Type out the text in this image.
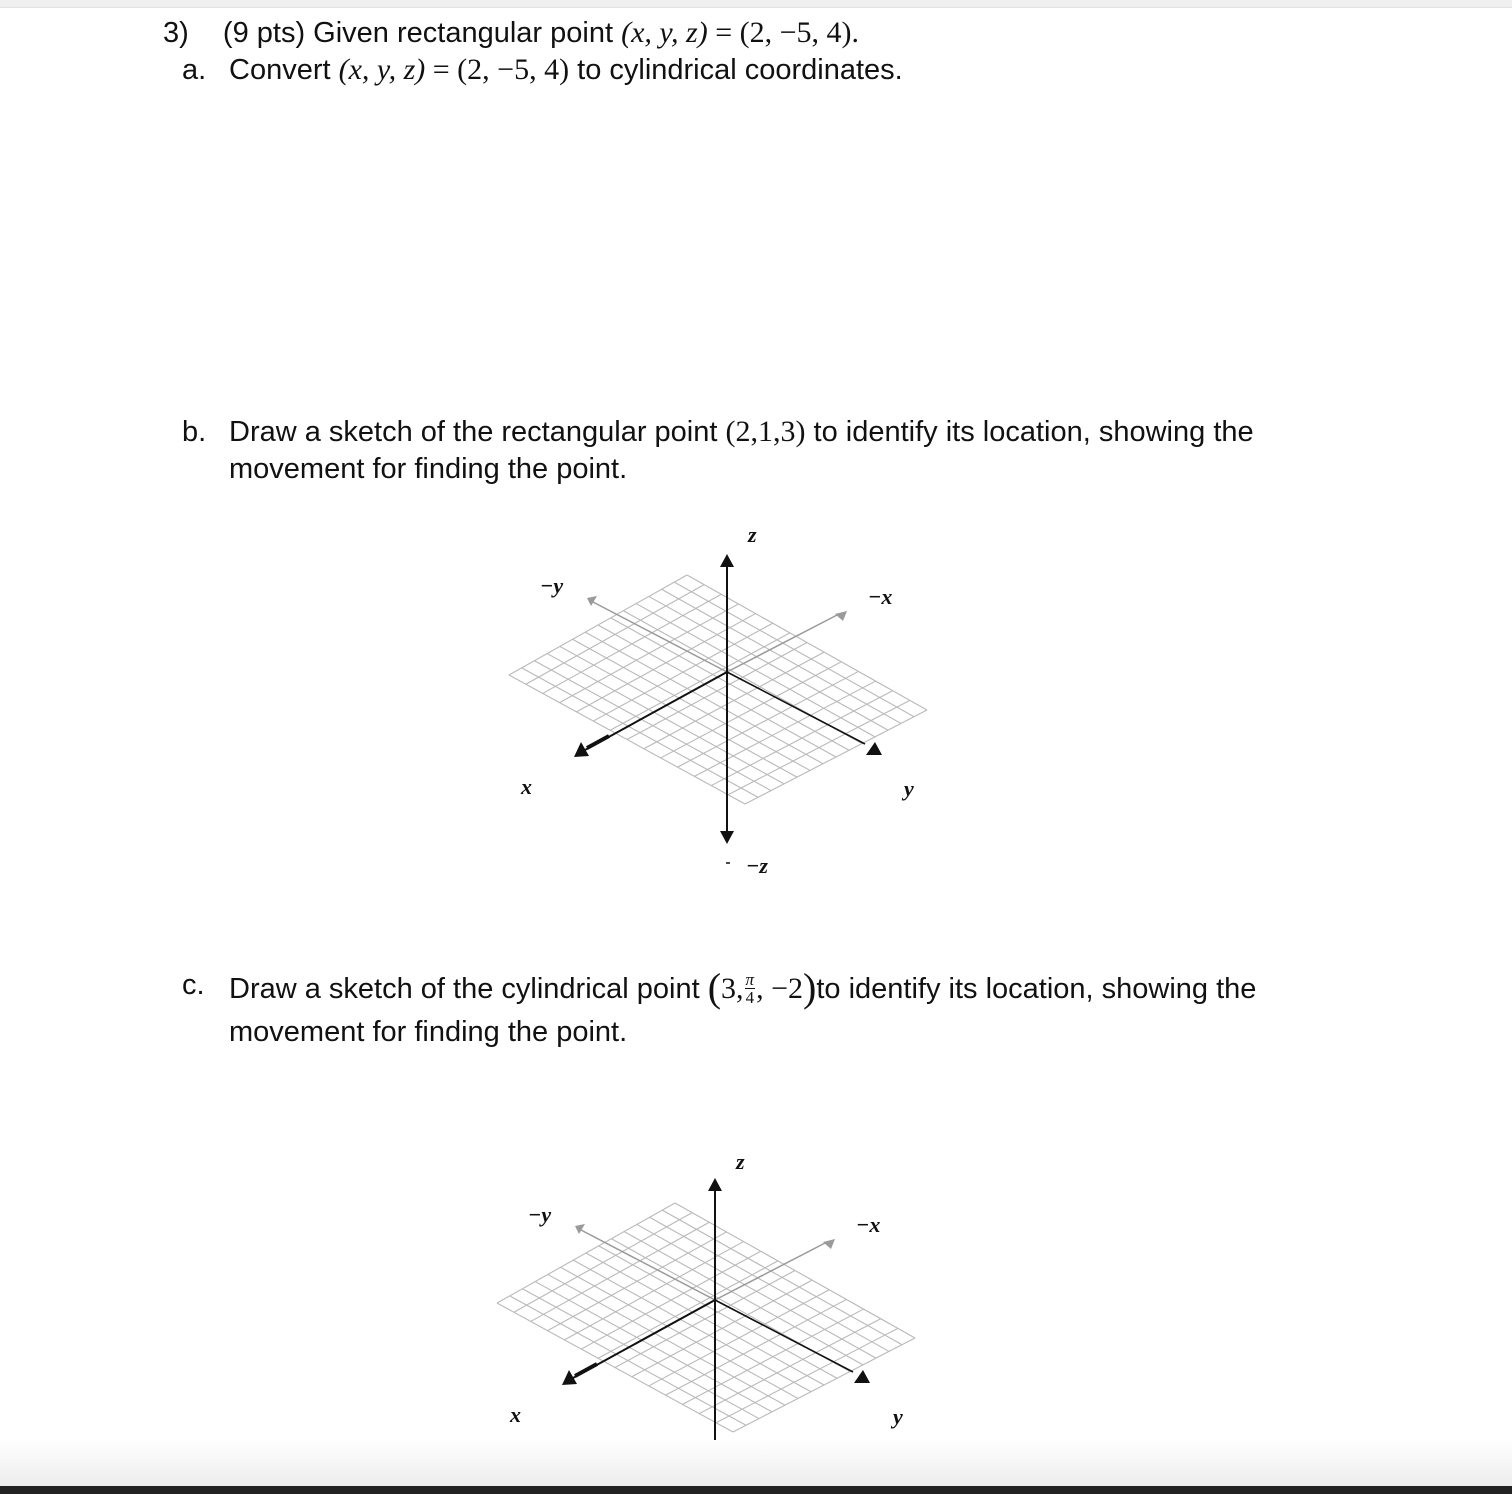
3) (9 pts) Given rectangular point (x, y, z) = (2, −5, 4).
a. Convert (x, y, z) = (2, −5, 4) to cylindrical coordinates.
b. Draw a sketch of the rectangular point (2,1,3) to identify its location, showing the
movement for finding the point.
z
−z
−y	−x
x	y
z
−y	−x
x	y
c. Draw a sketch of the cylindrical point (3, $\frac{\pi}{4}$ , −2)to identify its location, showing the
movement for finding the point.
